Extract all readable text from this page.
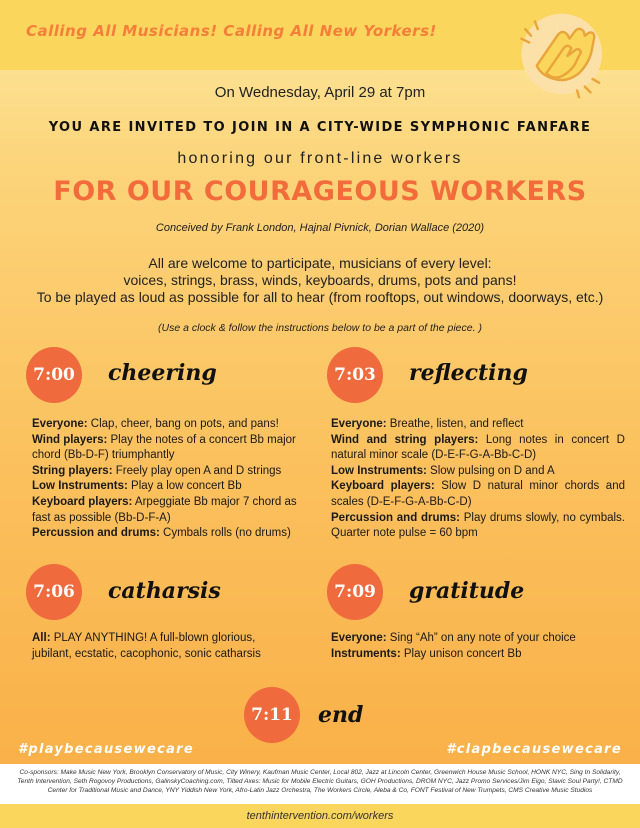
Calling All Musicians! Calling All New Yorkers!
On Wednesday, April 29 at 7pm
YOU ARE INVITED TO JOIN IN A CITY-WIDE SYMPHONIC FANFARE
honoring our front-line workers
FOR OUR COURAGEOUS WORKERS
Conceived by Frank London, Hajnal Pivnick, Dorian Wallace (2020)
All are welcome to participate, musicians of every level:
voices, strings, brass, winds, keyboards, drums, pots and pans!
To be played as loud as possible for all to hear (from rooftops, out windows, doorways, etc.)
(Use a clock & follow the instructions below to be a part of the piece. )
7:00	cheering
Everyone: Clap, cheer, bang on pots, and pans!
Wind players: Play the notes of a concert Bb major chord (Bb-D-F) triumphantly
String players: Freely play open A and D strings
Low Instruments: Play a low concert Bb
Keyboard players: Arpeggiate Bb major 7 chord as fast as possible (Bb-D-F-A)
Percussion and drums: Cymbals rolls (no drums)
7:03	reflecting
Everyone: Breathe, listen, and reflect
Wind and string players: Long notes in concert D natural minor scale (D-E-F-G-A-Bb-C-D)
Low Instruments: Slow pulsing on D and A
Keyboard players: Slow D natural minor chords and scales (D-E-F-G-A-Bb-C-D)
Percussion and drums: Play drums slowly, no cymbals. Quarter note pulse = 60 bpm
7:06	catharsis
All: PLAY ANYTHING! A full-blown glorious, jubilant, ecstatic, cacophonic, sonic catharsis
7:09	gratitude
Everyone: Sing “Ah” on any note of your choice
Instruments: Play unison concert Bb
7:11	end
#playbecausewecare	#clapbecausewecare
Co-sponsors: Make Music New York, Brooklyn Conservatory of Music, City Winery, Kaufman Music Center, Local 802, Jazz at Lincoln Center, Greenwich House Music School, HONK NYC, Sing In Solidarity, Tenth Intervention, Seth Rogovoy Productions, GalinskyCoaching.com, Tilted Axes: Music for Mobile Electric Guitars, GOH Productions, DROM NYC, Jazz Promo Services/Jim Eigo, Slavic Soul Party!, CTMD Center for Traditional Music and Dance, YNY Yiddish New York, Afro-Latin Jazz Orchestra, The Workers Circle, Aleba & Co, FONT Festival of New Trumpets, CMS Creative Music Studios
tenthintervention.com/workers
